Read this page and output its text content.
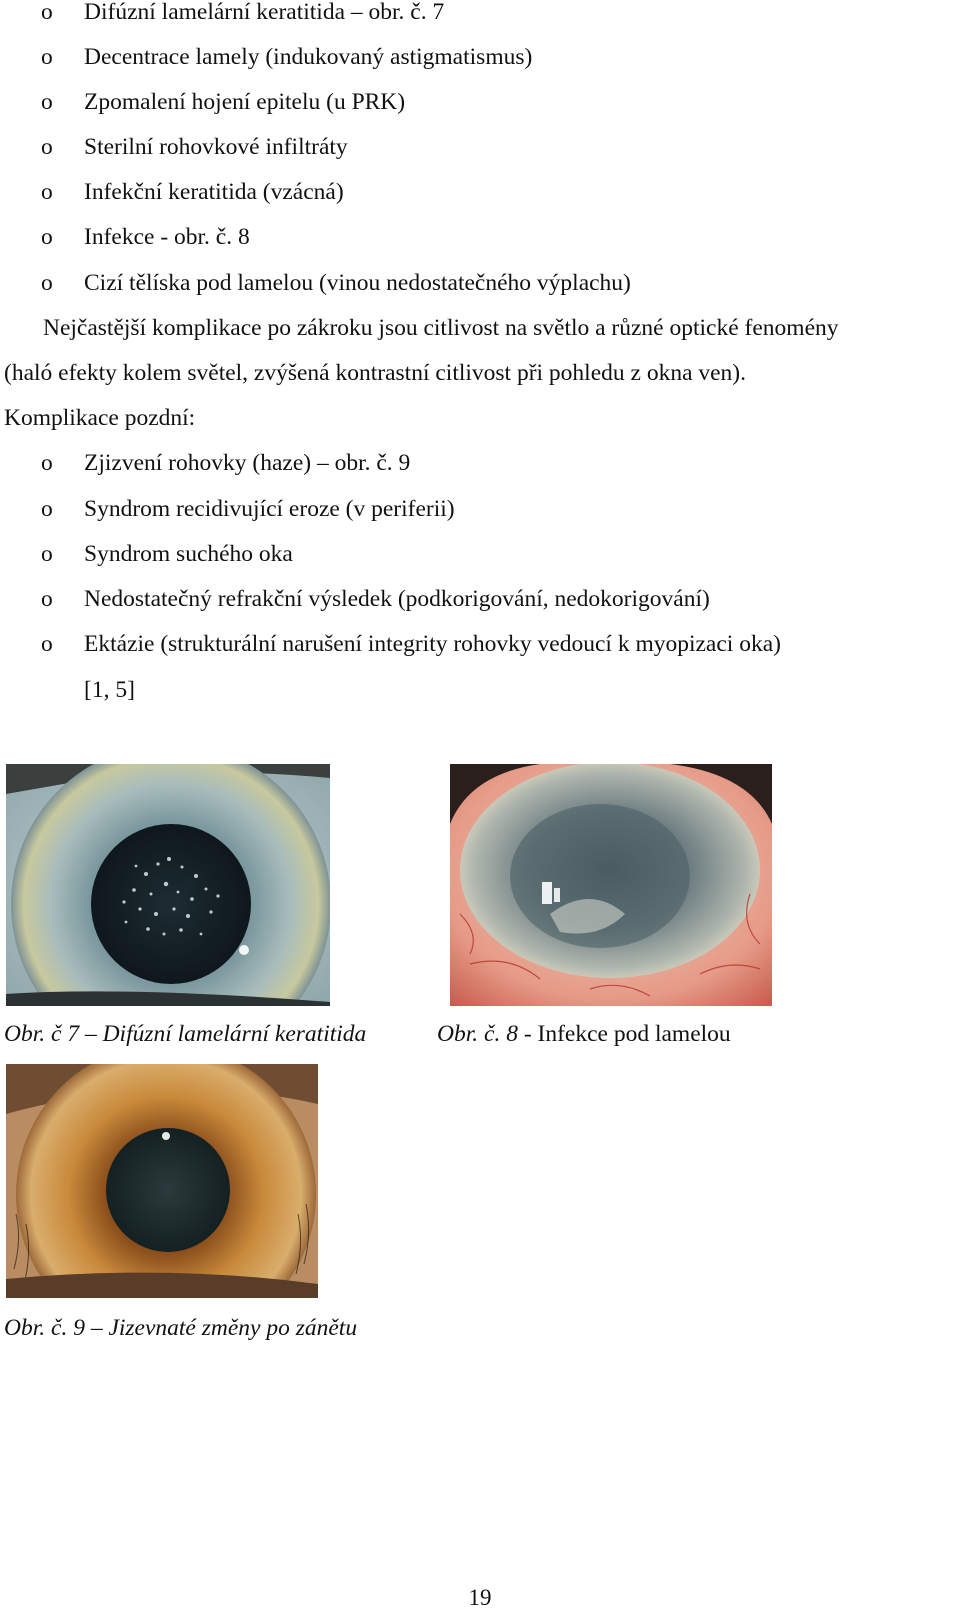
o Difúzní lamelární keratitida – obr. č. 7
o Decentrace lamely (indukovaný astigmatismus)
o Zpomalení hojení epitelu (u PRK)
o Sterilní rohovkové infiltráty
o Infekční keratitida (vzácná)
o Infekce - obr. č. 8
o Cizí tělíska pod lamelou (vinou nedostatečného výplachu)
Nejčastější komplikace po zákroku jsou citlivost na světlo a různé optické fenomény
(haló efekty kolem světel, zvýšená kontrastní citlivost při pohledu z okna ven).
Komplikace pozdní:
o Zjizvení rohovky (haze) – obr. č. 9
o Syndrom recidivující eroze (v periferii)
o Syndrom suchého oka
o Nedostatečný refrakční výsledek (podkorigování, nedokorigování)
o Ektázie (strukturální narušení integrity rohovky vedoucí k myopizaci oka)
[1, 5]
Obr. č 7 – Difúzní lamelární keratitida	Obr. č. 8 - Infekce pod lamelou
Obr. č. 9 – Jizevnaté změny po zánětu
19
